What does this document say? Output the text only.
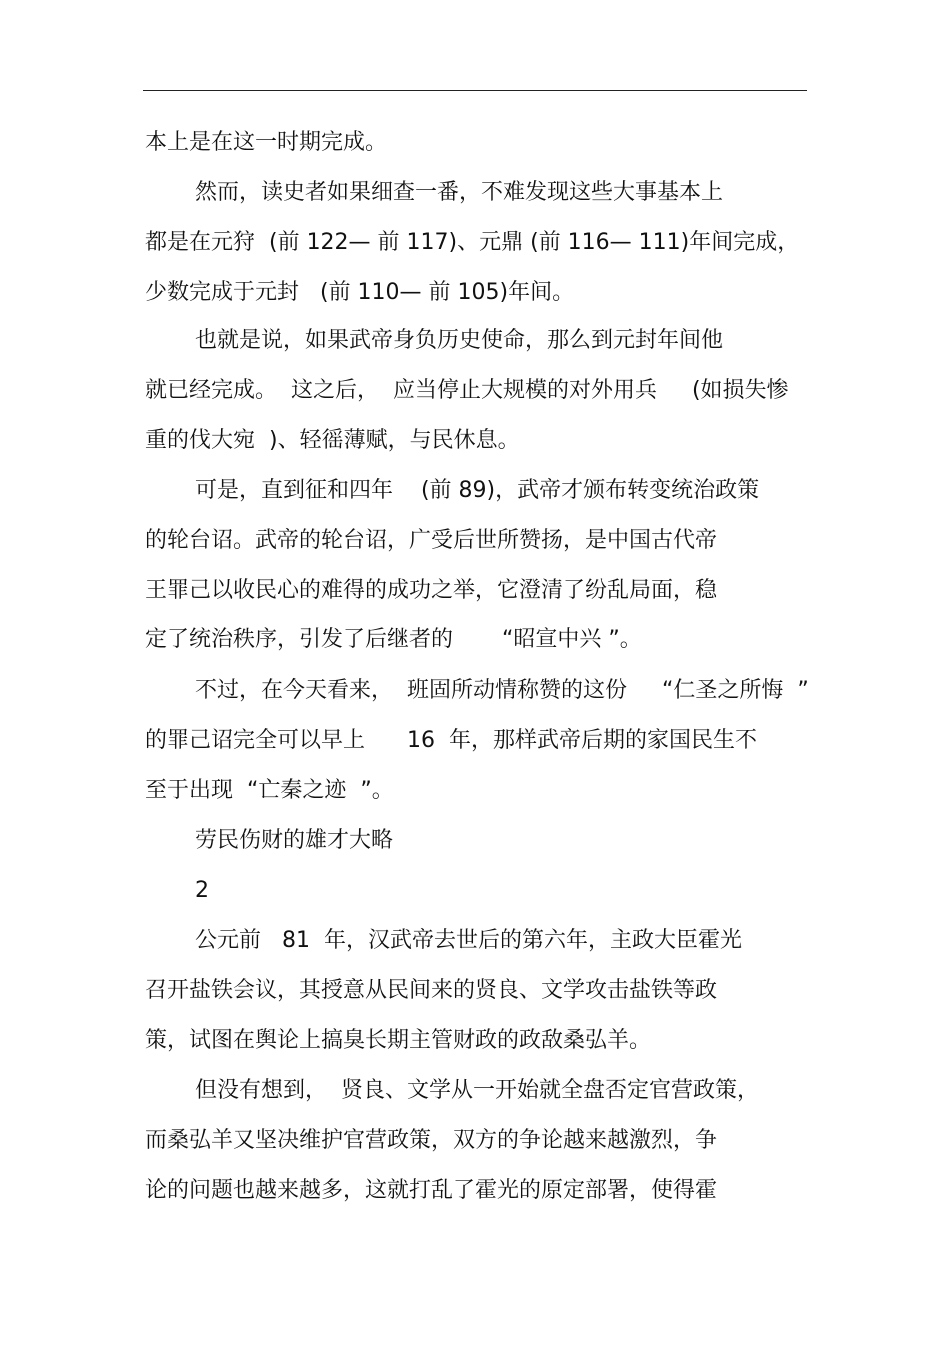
本上是在这一时期完成。
然而，读史者如果细查一番，不难发现这些大事基本上
都是在元狩  (前 122— 前 117)、元鼎 (前 116— 111)年间完成，
少数完成于元封   (前 110— 前 105)年间。
也就是说，如果武帝身负历史使命，那么到元封年间他
就已经完成。  这之后，  应当停止大规模的对外用兵     (如损失惨
重的伐大宛  )、轻徭薄赋，与民休息。
可是，直到征和四年    (前 89)，武帝才颁布转变统治政策
的轮台诏。武帝的轮台诏，广受后世所赞扬，是中国古代帝
王罪己以收民心的难得的成功之举，它澄清了纷乱局面，稳
定了统治秩序，引发了后继者的       “昭宣中兴 ”。
不过，在今天看来，  班固所动情称赞的这份     “仁圣之所悔  ”
的罪己诏完全可以早上      16  年，那样武帝后期的家国民生不
至于出现  “亡秦之迹  ”。
劳民伤财的雄才大略
2
公元前   81  年，汉武帝去世后的第六年，主政大臣霍光
召开盐铁会议，其授意从民间来的贤良、文学攻击盐铁等政
策，试图在舆论上搞臭长期主管财政的政敌桑弘羊。
但没有想到，  贤良、文学从一开始就全盘否定官营政策，
而桑弘羊又坚决维护官营政策，双方的争论越来越激烈，争
论的问题也越来越多，这就打乱了霍光的原定部署，使得霍
